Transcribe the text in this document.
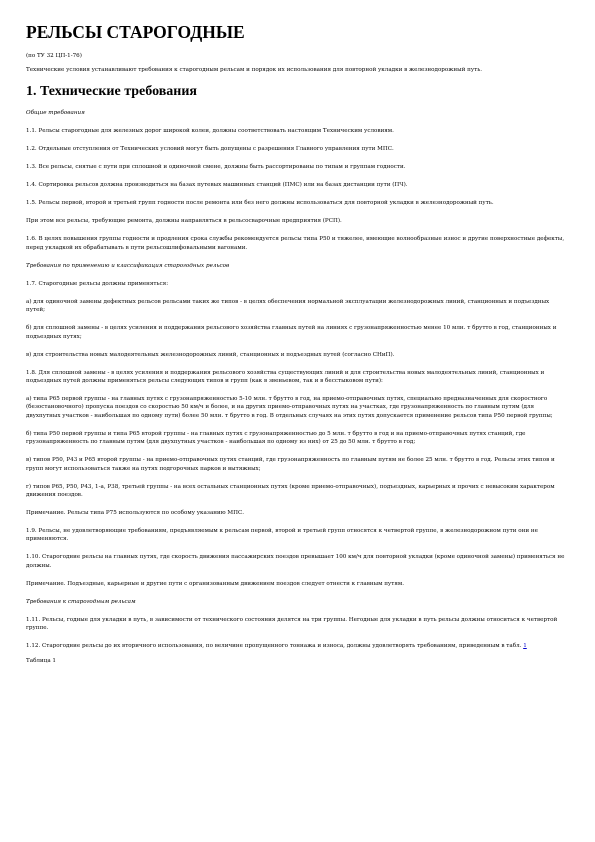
РЕЛЬСЫ СТАРОГОДНЫЕ

(по ТУ 32 ЦП-1-76)

Технические условия устанавливают требования к старогодным рельсам и порядок их использования для повторной укладки в железнодорожный путь.

1. Технические требования

Общие требования

1.1. Рельсы старогодные для железных дорог широкой колеи, должны соответствовать настоящим Техническим условиям.

1.2. Отдельные отступления от Технических условий могут быть допущены с разрешения Главного управления пути МПС.

1.3. Все рельсы, снятые с пути при сплошной и одиночной смене, должны быть рассортированы по типам и группам годности.

1.4. Сортировка рельсов должна производиться на базах путевых машинных станций (ПМС) или на базах дистанции пути (ПЧ).

1.5. Рельсы первой, второй и третьей групп годности после ремонта или без него должны использоваться для повторной укладки в железнодорожный путь.

При этом все рельсы, требующие ремонта, должны направляться в рельсосварочные предприятия (РСП).

1.6. В целях повышения группы годности и продления срока службы рекомендуется рельсы типа Р50 и тяжелее, имеющие волнообразные износ и другие поверхностные дефекты, перед укладкой их обрабатывать в пути рельсошлифовальными вагонами.

Требования по применению и классификация старогодных рельсов

1.7. Старогодные рельсы должны применяться:

а) для одиночной замены дефектных рельсов рельсами таких же типов - в целях обеспечения нормальной эксплуатации железнодорожных линий, станционных и подъездных путей;

б) для сплошной замены - в целях усиления и поддержания рельсового хозяйства главных путей на линиях с грузонапряженностью менее 10 млн. т брутто в год, станционных и подъездных путях;

в) для строительства новых малодеятельных железнодорожных линий, станционных и подъездных путей (согласно СНиП).

1.8. Для сплошной замены - в целях усиления и поддержания рельсового хозяйства существующих линий и для строительства новых малодеятельных линий, станционных и подъездных путей должны применяться рельсы следующих типов и групп (как в звеньевом, так и в бесстыковом пути):

а) типа Р65 первой группы - на главных путях с грузонапряженностью 5-10 млн. т брутто в год, на приемо-отправочных путях, специально предназначенных для скоростного (безостановочного) пропуска поездов со скоростью 50 км/ч и более, и на других приемо-отправочных путях на участках, где грузонапряженность по главным путям (для двухпутных участков - наибольшая по одному пути) более 50 млн. т брутто в год. В отдельных случаях на этих путях допускается применение рельсов типа Р50 первой группы;

б) типа Р50 первой группы и типа Р65 второй группы - на главных путях с грузонапряженностью до 5 млн. т брутто в год и на приемо-отправочных путях станций, где грузонапряженность по главным путям (для двухпутных участков - наибольшая по одному из них) от 25 до 50 млн. т брутто в год;

в) типов Р50, Р43 и Р65 второй группы - на приемо-отправочных путях станций, где грузонапряженность по главным путям не более 25 млн. т брутто в год. Рельсы этих типов и групп могут использоваться также на путях подгорочных парков и вытяжных;

г) типов Р65, Р50, Р43, 1-а, Р38, третьей группы - на всех остальных станционных путях (кроме приемо-отправочных), подъездных, карьерных и прочих с невысоким характером движения поездов.

Примечание. Рельсы типа Р75 используются по особому указанию МПС.

1.9. Рельсы, не удовлетворяющие требованиям, предъявляемым к рельсам первой, второй и третьей групп относятся к четвертой группе, в железнодорожном пути они не применяются.

1.10. Старогодние рельсы на главных путях, где скорость движения пассажирских поездов превышает 100 км/ч для повторной укладки (кроме одиночной замены) применяться не должны.

Примечание. Подъездные, карьерные и другие пути с организованным движением поездов следует отнести к главным путям.

Требования к старогодным рельсам

1.11. Рельсы, годные для укладки в путь, в зависимости от технического состояния делятся на три группы. Негодные для укладки в путь рельсы должны относиться к четвертой группе.

1.12. Старогодние рельсы до их вторичного использования, по величине пропущенного тоннажа и износа, должны удовлетворять требованиям, приведенным в табл. 1

Таблица 1
